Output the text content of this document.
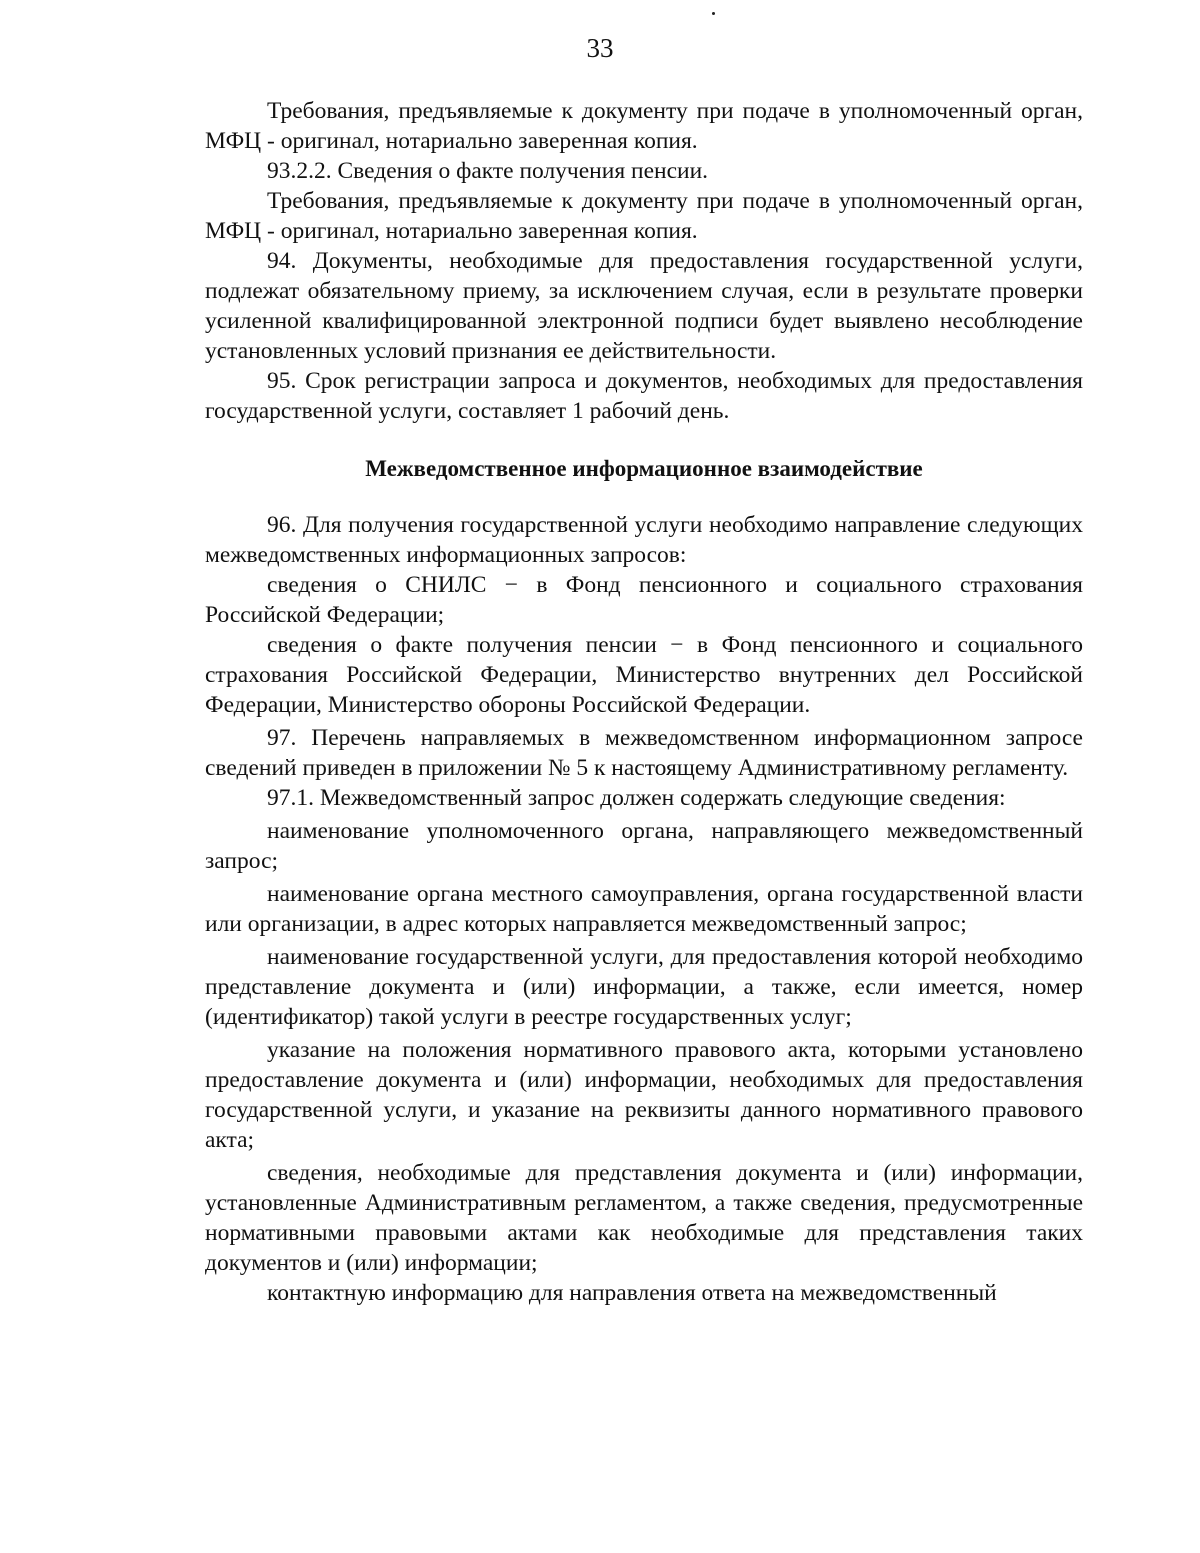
33

Требования, предъявляемые к документу при подаче в уполномоченный орган, МФЦ - оригинал, нотариально заверенная копия.

93.2.2. Сведения о факте получения пенсии.

Требования, предъявляемые к документу при подаче в уполномоченный орган, МФЦ - оригинал, нотариально заверенная копия.

94. Документы, необходимые для предоставления государственной услуги, подлежат обязательному приему, за исключением случая, если в результате проверки усиленной квалифицированной электронной подписи будет выявлено несоблюдение установленных условий признания ее действительности.

95. Срок регистрации запроса и документов, необходимых для предоставления государственной услуги, составляет 1 рабочий день.

Межведомственное информационное взаимодействие

96. Для получения государственной услуги необходимо направление следующих межведомственных информационных запросов:

сведения о СНИЛС − в Фонд пенсионного и социального страхования Российской Федерации;

сведения о факте получения пенсии − в Фонд пенсионного и социального страхования Российской Федерации, Министерство внутренних дел Российской Федерации, Министерство обороны Российской Федерации.

97. Перечень направляемых в межведомственном информационном запросе сведений приведен в приложении № 5 к настоящему Административному регламенту.

97.1. Межведомственный запрос должен содержать следующие сведения:

наименование уполномоченного органа, направляющего межведомственный запрос;

наименование органа местного самоуправления, органа государственной власти или организации, в адрес которых направляется межведомственный запрос;

наименование государственной услуги, для предоставления которой необходимо представление документа и (или) информации, а также, если имеется, номер (идентификатор) такой услуги в реестре государственных услуг;

указание на положения нормативного правового акта, которыми установлено предоставление документа и (или) информации, необходимых для предоставления государственной услуги, и указание на реквизиты данного нормативного правового акта;

сведения, необходимые для представления документа и (или) информации, установленные Административным регламентом, а также сведения, предусмотренные нормативными правовыми актами как необходимые для представления таких документов и (или) информации;

контактную информацию для направления ответа на межведомственный
